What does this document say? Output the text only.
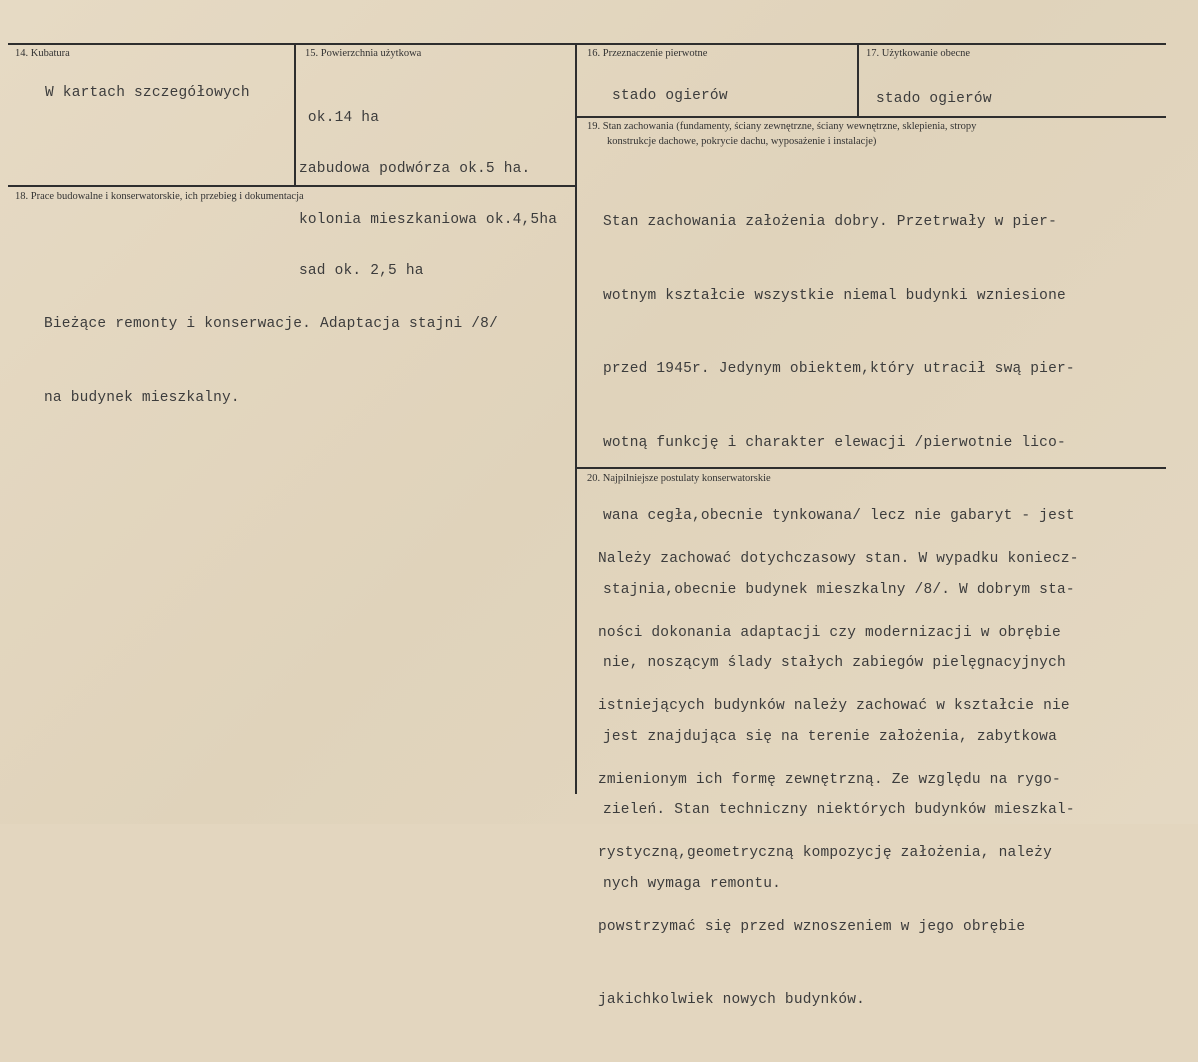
14. Kubatura
W kartach szczegółowych
15. Powierzchnia użytkowa

ok.14 ha

zabudowa podwórza ok.5 ha.

kolonia mieszkaniowa ok.4,5ha

sad ok. 2,5 ha

16. Przeznaczenie pierwotne
stado ogierów
17. Użytkowanie obecne
stado ogierów
18. Prace budowalne i konserwatorskie, ich przebieg i dokumentacja

Bieżące remonty i konserwacje. Adaptacja stajni /8/

na budynek mieszkalny.

19. Stan zachowania (fundamenty, ściany zewnętrzne, ściany wewnętrzne, sklepienia, stropy
konstrukcje dachowe, pokrycie dachu, wyposażenie i instalacje)

Stan zachowania założenia dobry. Przetrwały w pier-

wotnym kształcie wszystkie niemal budynki wzniesione

przed 1945r. Jedynym obiektem,który utracił swą pier-

wotną funkcję i charakter elewacji /pierwotnie lico-

wana cegła,obecnie tynkowana/ lecz nie gabaryt - jest

stajnia,obecnie budynek mieszkalny /8/. W dobrym sta-

nie, noszącym ślady stałych zabiegów pielęgnacyjnych

jest znajdująca się na terenie założenia, zabytkowa

zieleń. Stan techniczny niektórych budynków mieszkal-

nych wymaga remontu.

20. Najpilniejsze postulaty konserwatorskie

Należy zachować dotychczasowy stan. W wypadku koniecz-

ności dokonania adaptacji czy modernizacji w obrębie

istniejących budynków należy zachować w kształcie nie

zmienionym ich formę zewnętrzną. Ze względu na rygo-

rystyczną,geometryczną kompozycję założenia, należy

powstrzymać się przed wznoszeniem w jego obrębie

jakichkolwiek nowych budynków.
